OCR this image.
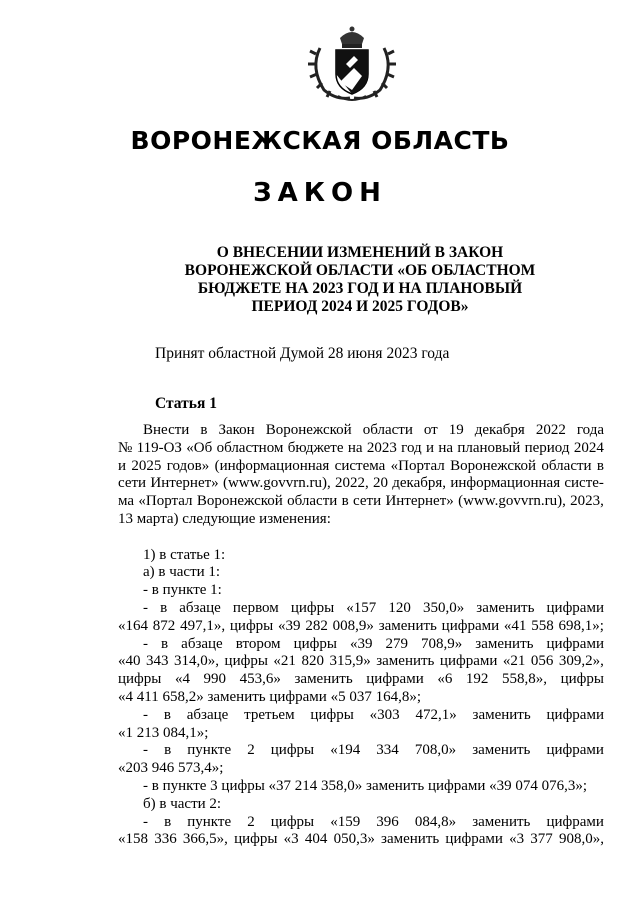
ВОРОНЕЖСКАЯ ОБЛАСТЬ
ЗАКОН
О ВНЕСЕНИИ ИЗМЕНЕНИЙ В ЗАКОН
ВОРОНЕЖСКОЙ ОБЛАСТИ «ОБ ОБЛАСТНОМ
БЮДЖЕТЕ НА 2023 ГОД И НА ПЛАНОВЫЙ
ПЕРИОД 2024 И 2025 ГОДОВ»
Принят областной Думой 28 июня 2023 года
Статья 1
Внести в Закон Воронежской области от 19 декабря 2022 года
№ 119-ОЗ «Об областном бюджете на 2023 год и на плановый период 2024
и 2025 годов» (информационная система «Портал Воронежской области в
сети Интернет» (www.govvrn.ru), 2022, 20 декабря, информационная систе-
ма «Портал Воронежской области в сети Интернет» (www.govvrn.ru), 2023,
13 марта) следующие изменения:
1) в статье 1:
а) в части 1:
- в пункте 1:
- в абзаце первом цифры «157 120 350,0» заменить цифрами
«164 872 497,1», цифры «39 282 008,9» заменить цифрами «41 558 698,1»;
- в абзаце втором цифры «39 279 708,9» заменить цифрами
«40 343 314,0», цифры «21 820 315,9» заменить цифрами «21 056 309,2»,
цифры «4 990 453,6» заменить цифрами «6 192 558,8», цифры
«4 411 658,2» заменить цифрами «5 037 164,8»;
- в абзаце третьем цифры «303 472,1» заменить цифрами
«1 213 084,1»;
- в пункте 2 цифры «194 334 708,0» заменить цифрами
«203 946 573,4»;
- в пункте 3 цифры «37 214 358,0» заменить цифрами «39 074 076,3»;
б) в части 2:
- в пункте 2 цифры «159 396 084,8» заменить цифрами
«158 336 366,5», цифры «3 404 050,3» заменить цифрами «3 377 908,0»,
